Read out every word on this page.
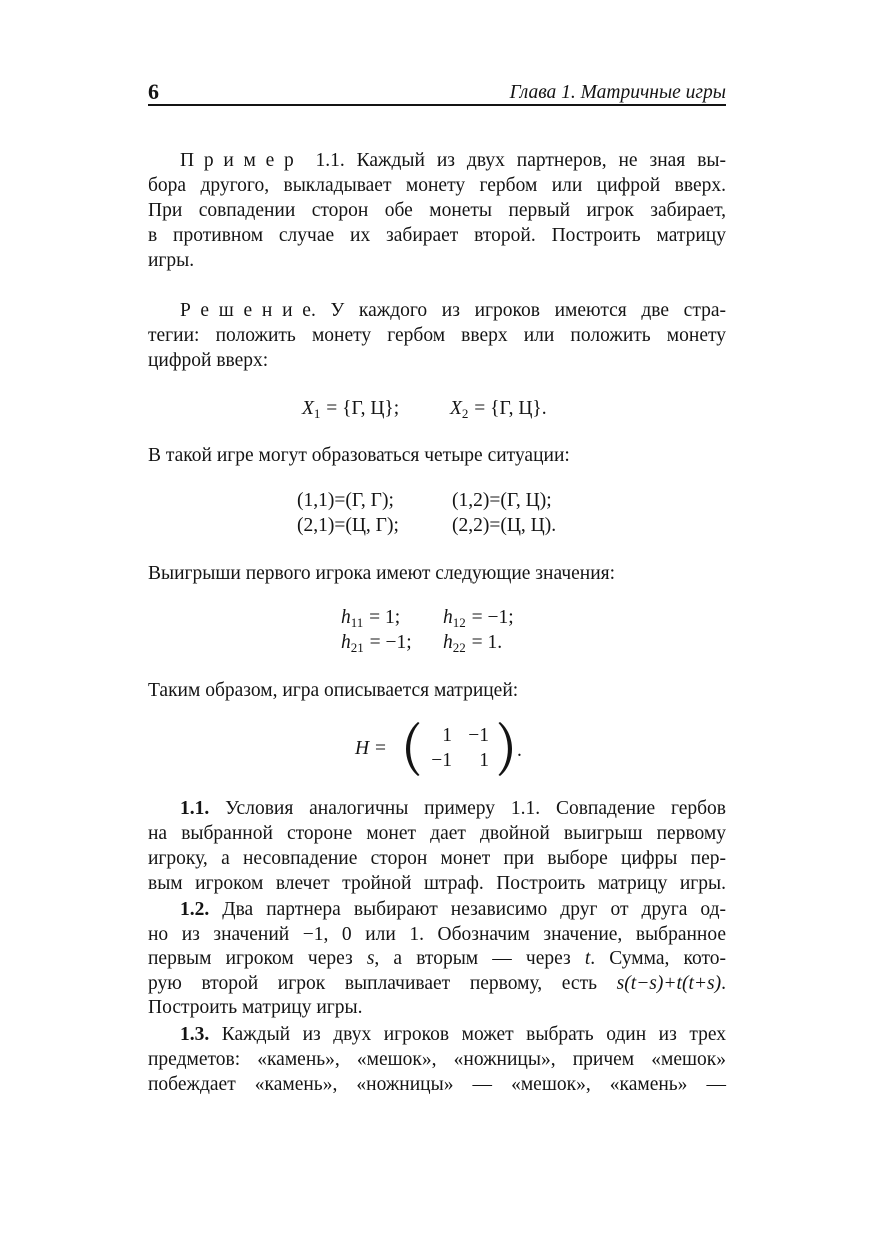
6	Глава 1. Матричные игры
Пример 1.1. Каждый из двух партнеров, не зная вы-
бора другого, выкладывает монету гербом или цифрой вверх.
При совпадении сторон обе монеты первый игрок забирает,
в противном случае их забирает второй. Построить матрицу
игры.
Решение. У каждого из игроков имеются две стра-
тегии: положить монету гербом вверх или положить монету
цифрой вверх:
$X_1 = \{Г$, Ц};	$X_2 = \{Г$, Ц}.
В такой игре могут образоваться четыре ситуации:
(1,1)=(Г, Г);	(1,2)=(Г, Ц);
(2,1)=(Ц, Г);	(2,2)=(Ц, Ц).
Выигрыши первого игрока имеют следующие значения:
$h_{11} = 1$; $h_{12} = -1$;
$h_{21} = -1$; $h_{22} = 1$.
Таким образом, игра описывается матрицей:
H =
1 −1
−1	1 .
1.1. Условия аналогичны примеру 1.1. Совпадение гербов
на выбранной стороне монет дает двойной выигрыш первому
игроку, а несовпадение сторон монет при выборе цифры пер-
вым игроком влечет тройной штраф. Построить матрицу игры.
1.2. Два партнера выбирают независимо друг от друга од-
но из значений −1, 0 или 1. Обозначим значение, выбранное
первым игроком через s, а вторым — через t. Сумма, кото-
рую второй игрок выплачивает первому, есть s(t−s)+t(t+s).
Построить матрицу игры.
1.3. Каждый из двух игроков может выбрать один из трех
предметов: «камень», «мешок», «ножницы», причем «мешок»
побеждает «камень», «ножницы» — «мешок», «камень» —
